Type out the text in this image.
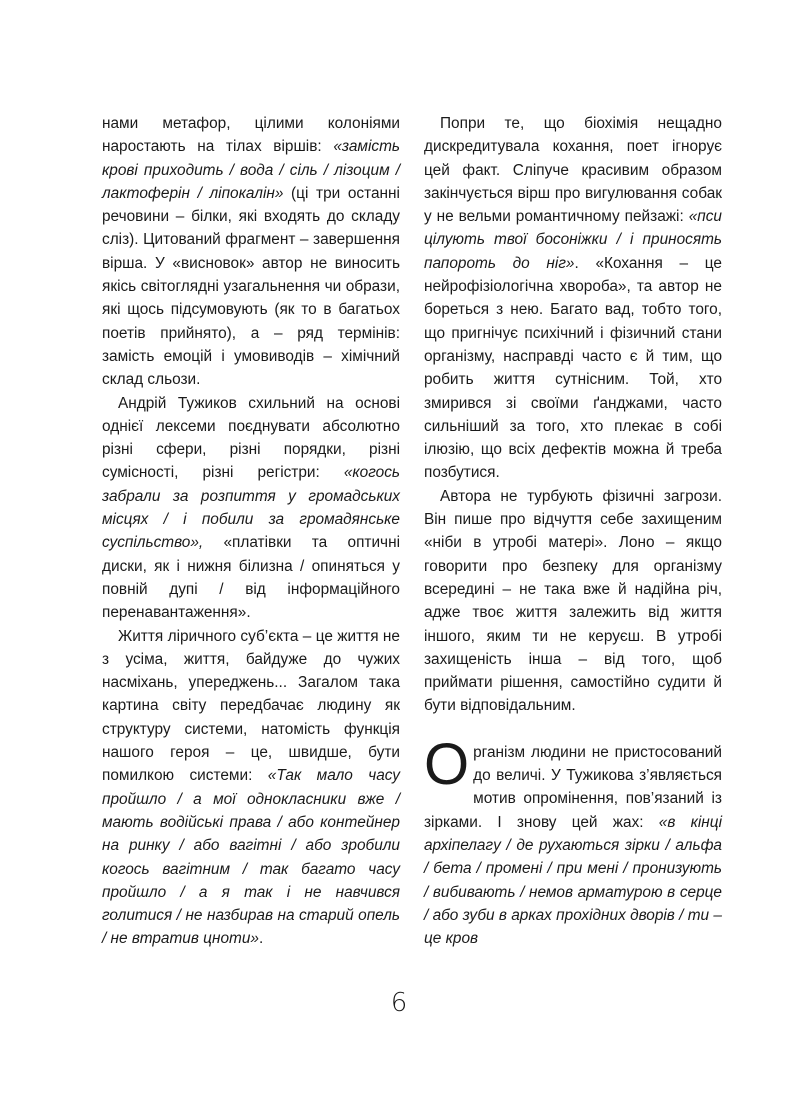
нами метафор, цілими колоніями наростають на тілах віршів: «замість крові приходить / вода / сіль / лізоцим / лактоферін / ліпокалін» (ці три останні речовини – білки, які входять до складу сліз). Цитований фрагмент – завершення вірша. У «висновок» автор не виносить якісь світоглядні узагальнення чи образи, які щось підсумовують (як то в багатьох поетів прийнято), а – ряд термінів: замість емоцій і умовиводів – хімічний склад сльози.

Андрій Тужиков схильний на основі однієї лексеми поєднувати абсолютно різні сфери, різні порядки, різні сумісності, різні регістри: «когось забрали за розпиття у громадських місцях / і побили за громадянське суспільство», «платівки та оптичні диски, як і нижня білизна / опиняться у повній дупі / від інформаційного перенавантаження».

Життя ліричного суб’єкта – це життя не з усіма, життя, байдуже до чужих насміхань, упереджень... Загалом така картина світу передбачає людину як структуру системи, натомість функція нашого героя – це, швидше, бути помилкою системи: «Так мало часу пройшло / а мої однокласники вже / мають водійські права / або контейнер на ринку / або вагітні / або зробили когось вагітним / так багато часу пройшло / а я так і не навчився голитися / не назбирав на старий опель / не втратив цноти».

Попри те, що біохімія нещадно дискредитувала кохання, поет ігнорує цей факт. Сліпуче красивим образом закінчується вірш про вигулювання собак у не вельми романтичному пейзажі: «пси цілують твої босоніжки / і приносять папороть до ніг». «Кохання – це нейрофізіологічна хвороба», та автор не бореться з нею. Багато вад, тобто того, що пригнічує психічний і фізичний стани організму, насправді часто є й тим, що робить життя сутнісним. Той, хто змирився зі своїми ґанджами, часто сильніший за того, хто плекає в собі ілюзію, що всіх дефектів можна й треба позбутися.

Автора не турбують фізичні загрози. Він пише про відчуття себе захищеним «ніби в утробі матері». Лоно – якщо говорити про безпеку для організму всередині – не така вже й надійна річ, адже твоє життя залежить від життя іншого, яким ти не керуєш. В утробі захищеність інша – від того, щоб приймати рішення, самостійно судити й бути відповідальним.

Організм людини не пристосований до величі. У Тужикова з’являється мотив опромінення, пов’язаний із зірками. І знову цей жах: «в кінці архіпелагу / де рухаються зірки / альфа / бета / промені / при мені / пронизують / вибивають / немов арматурою в серце / або зуби в арках прохідних дворів / ти – це кров

6
